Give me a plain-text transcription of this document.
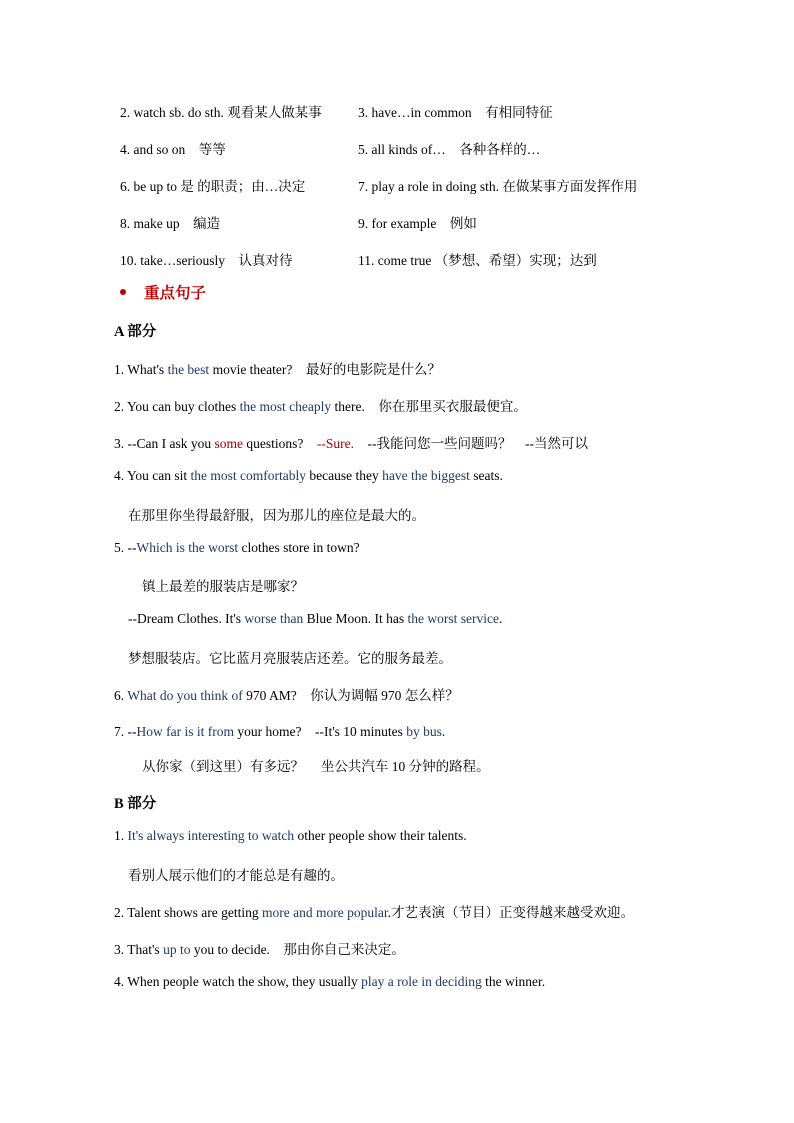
2. watch sb. do sth. 观看某人做某事	3. have…in common　有相同特征
4. and so on　等等	5. all kinds of…　各种各样的…
6. be up to 是 的职责；由…决定	7. play a role in doing sth. 在做某事方面发挥作用
8. make up　编造	9. for example　例如
10. take…seriously　认真对待	11. come true （梦想、希望）实现；达到
重点句子
A 部分
1. What's the best movie theater?　最好的电影院是什么？
2. You can buy clothes the most cheaply there.　你在那里买衣服最便宜。
3. --Can I ask you some questions?　--Sure.　--我能问您一些问题吗？　--当然可以
4. You can sit the most comfortably because they have the biggest seats.
在那里你坐得最舒服，因为那儿的座位是最大的。
5. --Which is the worst clothes store in town?
镇上最差的服装店是哪家？
--Dream Clothes. It's worse than Blue Moon. It has the worst service.
梦想服装店。它比蓝月亮服装店还差。它的服务最差。
6. What do you think of 970 AM?　你认为调幅 970 怎么样？
7. --How far is it from your home?　--It's 10 minutes by bus.
从你家（到这里）有多远？　 坐公共汽车 10 分钟的路程。
B 部分
1. It's always interesting to watch other people show their talents.
看别人展示他们的才能总是有趣的。
2. Talent shows are getting more and more popular.才艺表演（节目）正变得越来越受欢迎。
3. That's up to you to decide.　那由你自己来决定。
4. When people watch the show, they usually play a role in deciding the winner.
